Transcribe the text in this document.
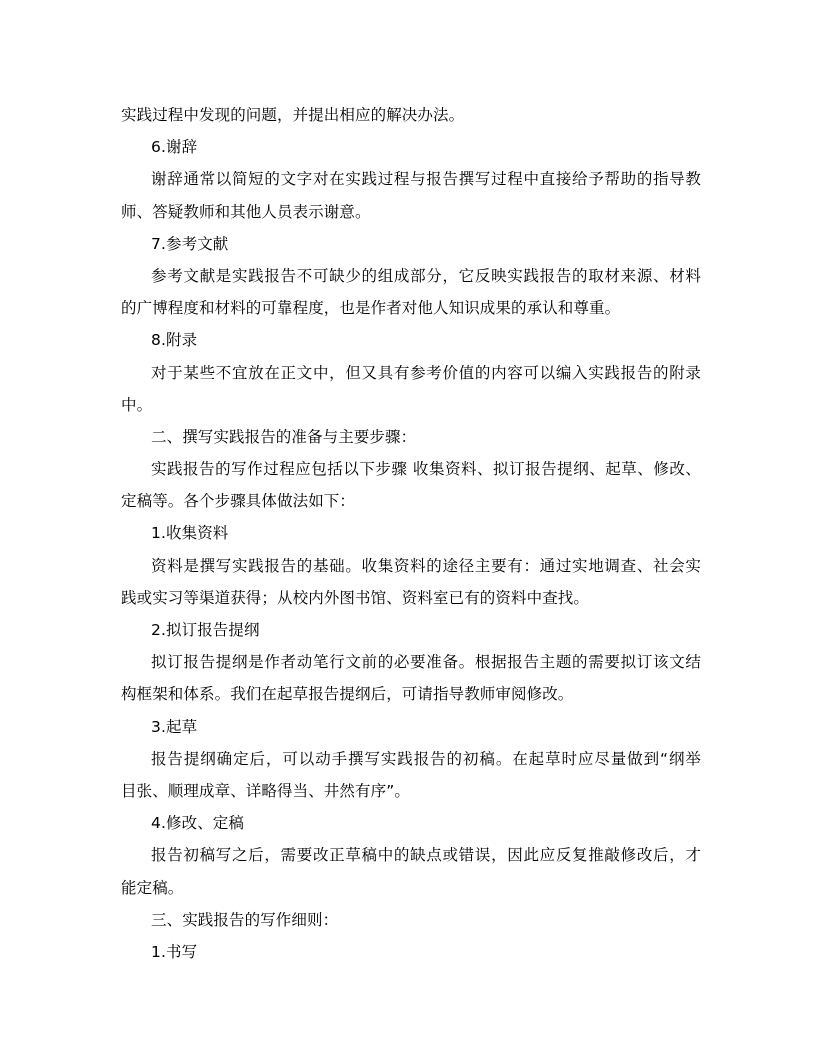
实践过程中发现的问题，并提出相应的解决办法。
6.谢辞
谢辞通常以简短的文字对在实践过程与报告撰写过程中直接给予帮助的指导教
师、答疑教师和其他人员表示谢意。
7.参考文献
参考文献是实践报告不可缺少的组成部分，它反映实践报告的取材来源、材料
的广博程度和材料的可靠程度，也是作者对他人知识成果的承认和尊重。
8.附录
对于某些不宜放在正文中，但又具有参考价值的内容可以编入实践报告的附录
中。
二、撰写实践报告的准备与主要步骤：
实践报告的写作过程应包括以下步骤 收集资料、拟订报告提纲、起草、修改、
定稿等。各个步骤具体做法如下：
1.收集资料
资料是撰写实践报告的基础。收集资料的途径主要有：通过实地调查、社会实
践或实习等渠道获得；从校内外图书馆、资料室已有的资料中查找。
2.拟订报告提纲
拟订报告提纲是作者动笔行文前的必要准备。根据报告主题的需要拟订该文结
构框架和体系。我们在起草报告提纲后，可请指导教师审阅修改。
3.起草
报告提纲确定后，可以动手撰写实践报告的初稿。在起草时应尽量做到“纲举
目张、顺理成章、详略得当、井然有序”。
4.修改、定稿
报告初稿写之后，需要改正草稿中的缺点或错误，因此应反复推敲修改后，才
能定稿。
三、实践报告的写作细则：
1.书写
